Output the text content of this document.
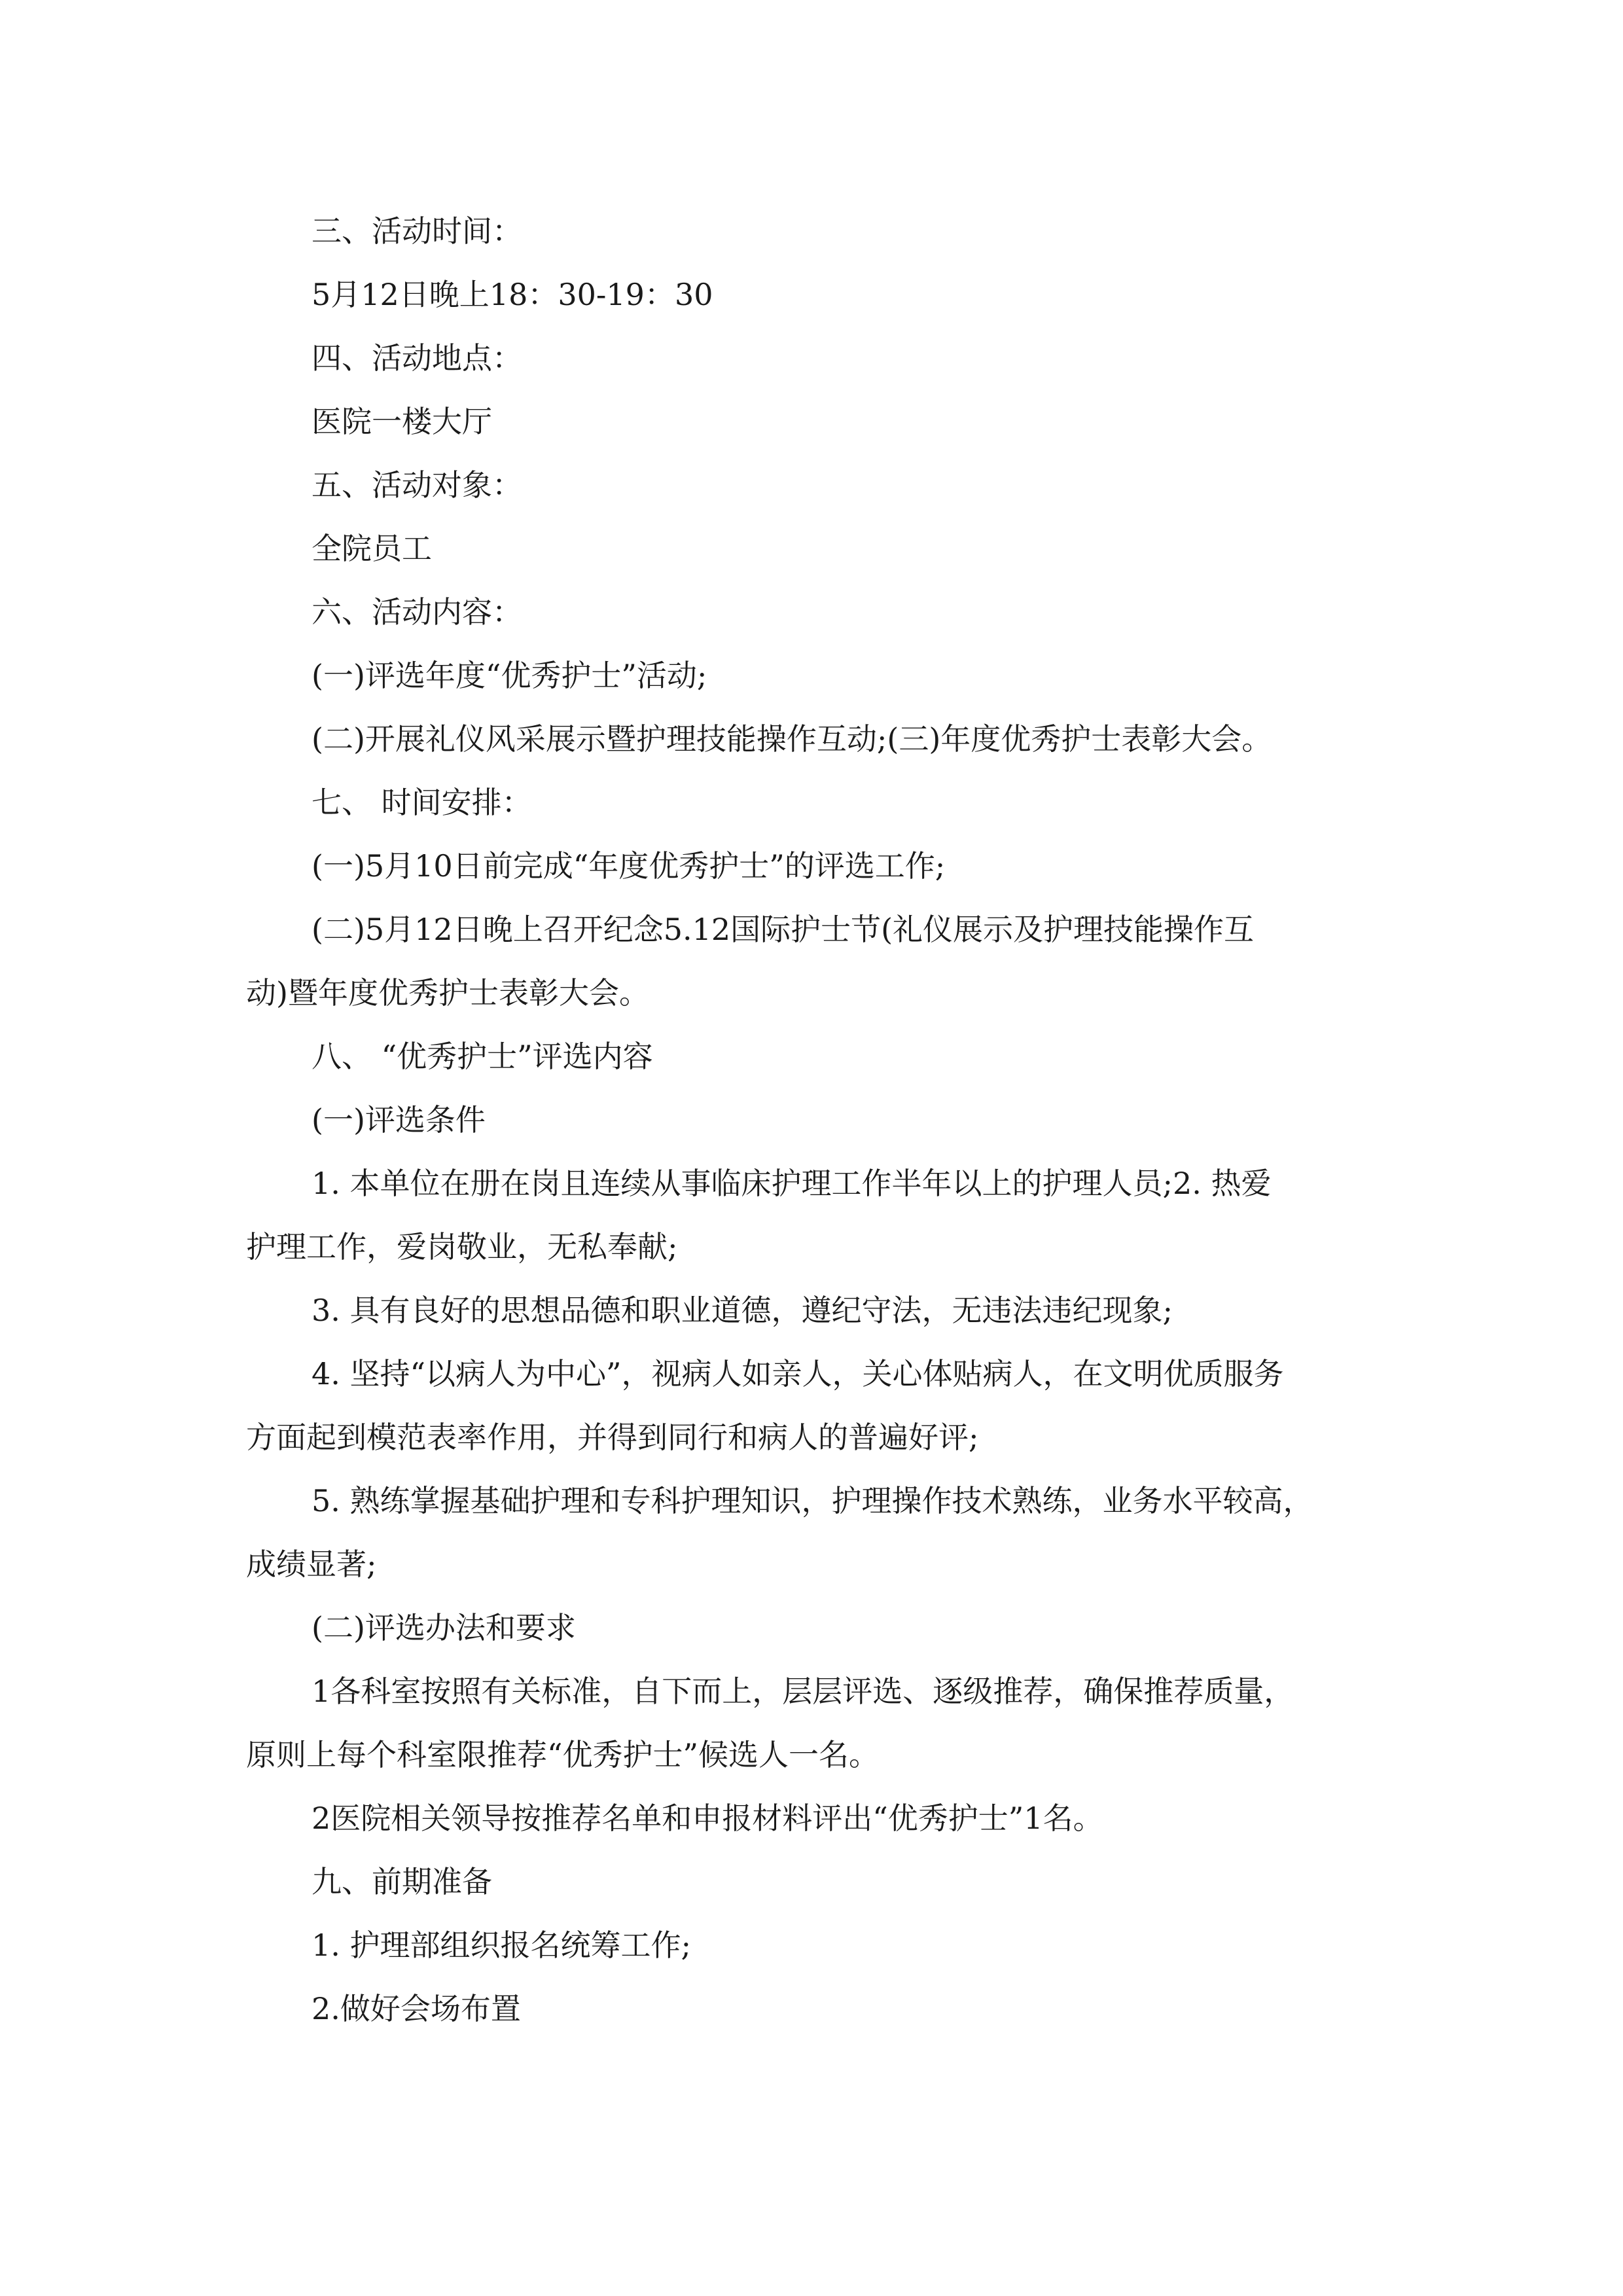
三、活动时间：
5月12日晚上18：30-19：30
四、活动地点：
医院一楼大厅
五、活动对象：
全院员工
六、活动内容：
(一)评选年度“优秀护士”活动;
(二)开展礼仪风采展示暨护理技能操作互动;(三)年度优秀护士表彰大会。
七、 时间安排：
(一)5月10日前完成“年度优秀护士”的评选工作;
(二)5月12日晚上召开纪念5.12国际护士节(礼仪展示及护理技能操作互
动)暨年度优秀护士表彰大会。
八、 “优秀护士”评选内容
(一)评选条件
1. 本单位在册在岗且连续从事临床护理工作半年以上的护理人员;2. 热爱
护理工作，爱岗敬业，无私奉献;
3. 具有良好的思想品德和职业道德，遵纪守法，无违法违纪现象;
4. 坚持“以病人为中心”，视病人如亲人，关心体贴病人，在文明优质服务
方面起到模范表率作用，并得到同行和病人的普遍好评;
5. 熟练掌握基础护理和专科护理知识，护理操作技术熟练，业务水平较高，
成绩显著;
(二)评选办法和要求
1各科室按照有关标准，自下而上，层层评选、逐级推荐，确保推荐质量，
原则上每个科室限推荐“优秀护士”候选人一名。
2医院相关领导按推荐名单和申报材料评出“优秀护士”1名。
九、前期准备
1. 护理部组织报名统筹工作;
2.做好会场布置
